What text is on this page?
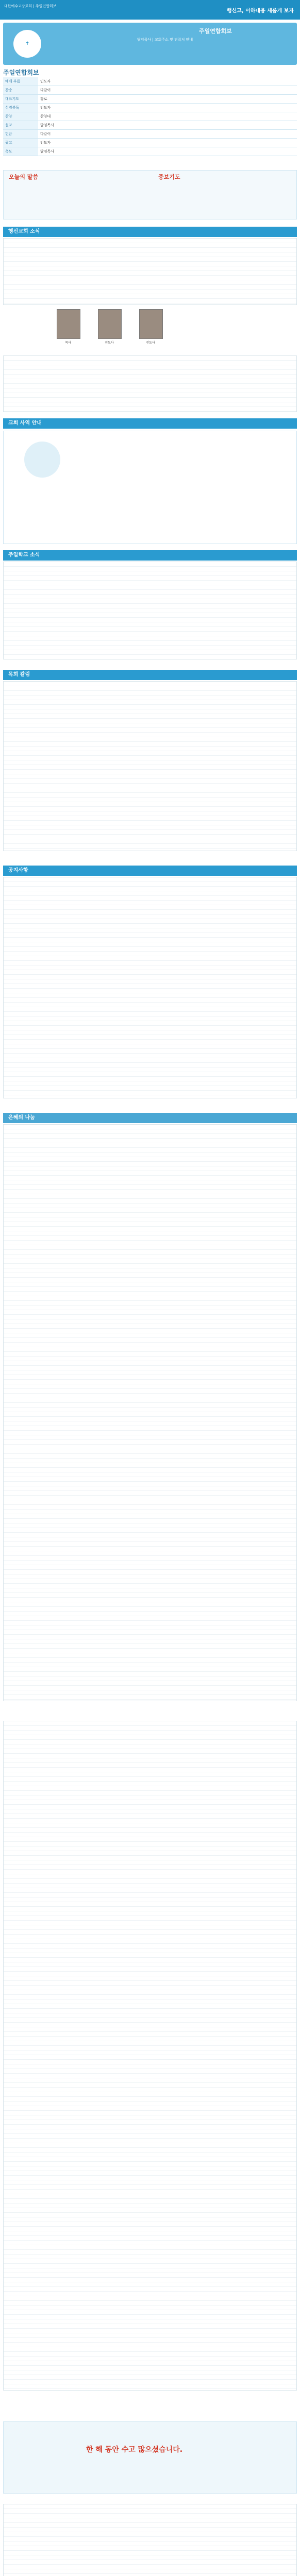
대한예수교장로회 | 주일연합회보
행신고, 이하내용 새롭게 보자
✝
주일연합회보
담임목사 | 교회주소 및 연락처 안내
주일연합회보
예배 부름	인도자
찬송	다같이
대표기도	장로
성경봉독	인도자
찬양	찬양대
설교	담임목사
헌금	다같이
광고	인도자
축도	담임목사
오늘의 말씀	중보기도
행신교회 소식
목사	전도사	전도사
교회 사역 안내
주일학교 소식
목회 칼럼
공지사항
은혜의 나눔
한 해 동안 수고 많으셨습니다.
